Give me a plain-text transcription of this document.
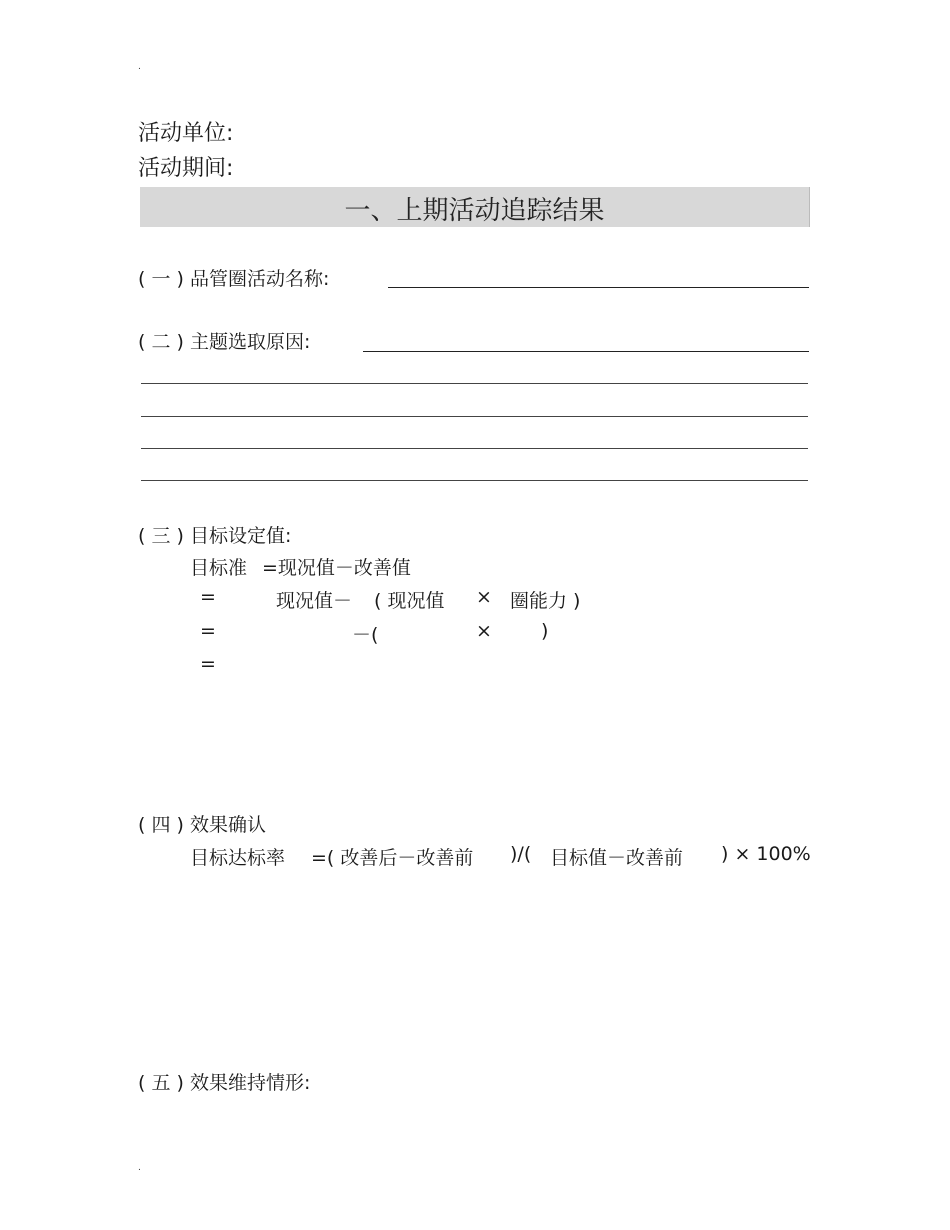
.
活动单位:
活动期间:
一、上期活动追踪结果
( 一 ) 品管圈活动名称:
( 二 ) 主题选取原因:
( 三 ) 目标设定值:
目标准 =现况值－改善值
=	现况值－ ( 现况值 × 圈能力 )
=	－(	×	)
=
( 四 ) 效果确认
目标达标率 =( 改善后－改善前 )/( 目标值－改善前 ) × 100%
( 五 ) 效果维持情形:
.
